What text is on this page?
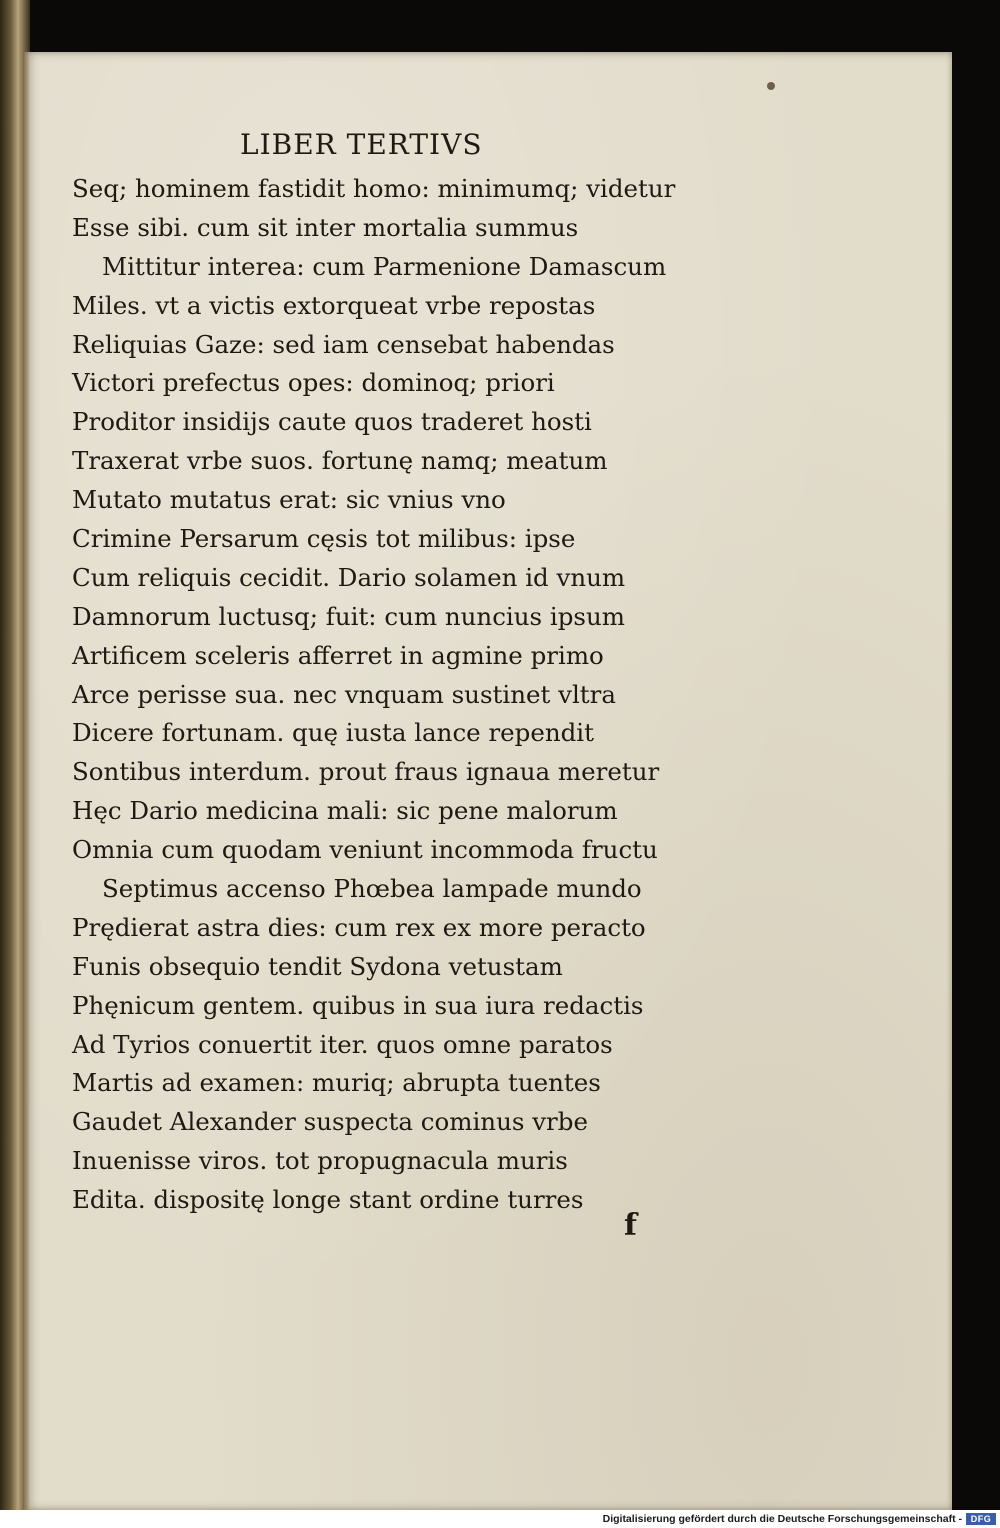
LIBER TERTIVS
Seq; hominem fastidit homo: minimumq; videtur
Esse sibi. cum sit inter mortalia summus
Mittitur interea: cum Parmenione Damascum
Miles. vt a victis extorqueat vrbe repostas
Reliquias Gaze: sed iam censebat habendas
Victori prefectus opes: dominoq; priori
Proditor insidijs caute quos traderet hosti
Traxerat vrbe suos. fortunę namq; meatum
Mutato mutatus erat: sic vnius vno
Crimine Persarum cęsis tot milibus: ipse
Cum reliquis cecidit. Dario solamen id vnum
Damnorum luctusq; fuit: cum nuncius ipsum
Artificem sceleris afferret in agmine primo
Arce perisse sua. nec vnquam sustinet vltra
Dicere fortunam. quę iusta lance rependit
Sontibus interdum. prout fraus ignaua meretur
Hęc Dario medicina mali: sic pene malorum
Omnia cum quodam veniunt incommoda fructu
Septimus accenso Phœbea lampade mundo
Prędierat astra dies: cum rex ex more peracto
Funis obsequio tendit Sydona vetustam
Phęnicum gentem. quibus in sua iura redactis
Ad Tyrios conuertit iter. quos omne paratos
Martis ad examen: muriq; abrupta tuentes
Gaudet Alexander suspecta cominus vrbe
Inuenisse viros. tot propugnacula muris
Edita. dispositę longe stant ordine turres
f
Digitalisierung gefördert durch die Deutsche Forschungsgemeinschaft - DFG
